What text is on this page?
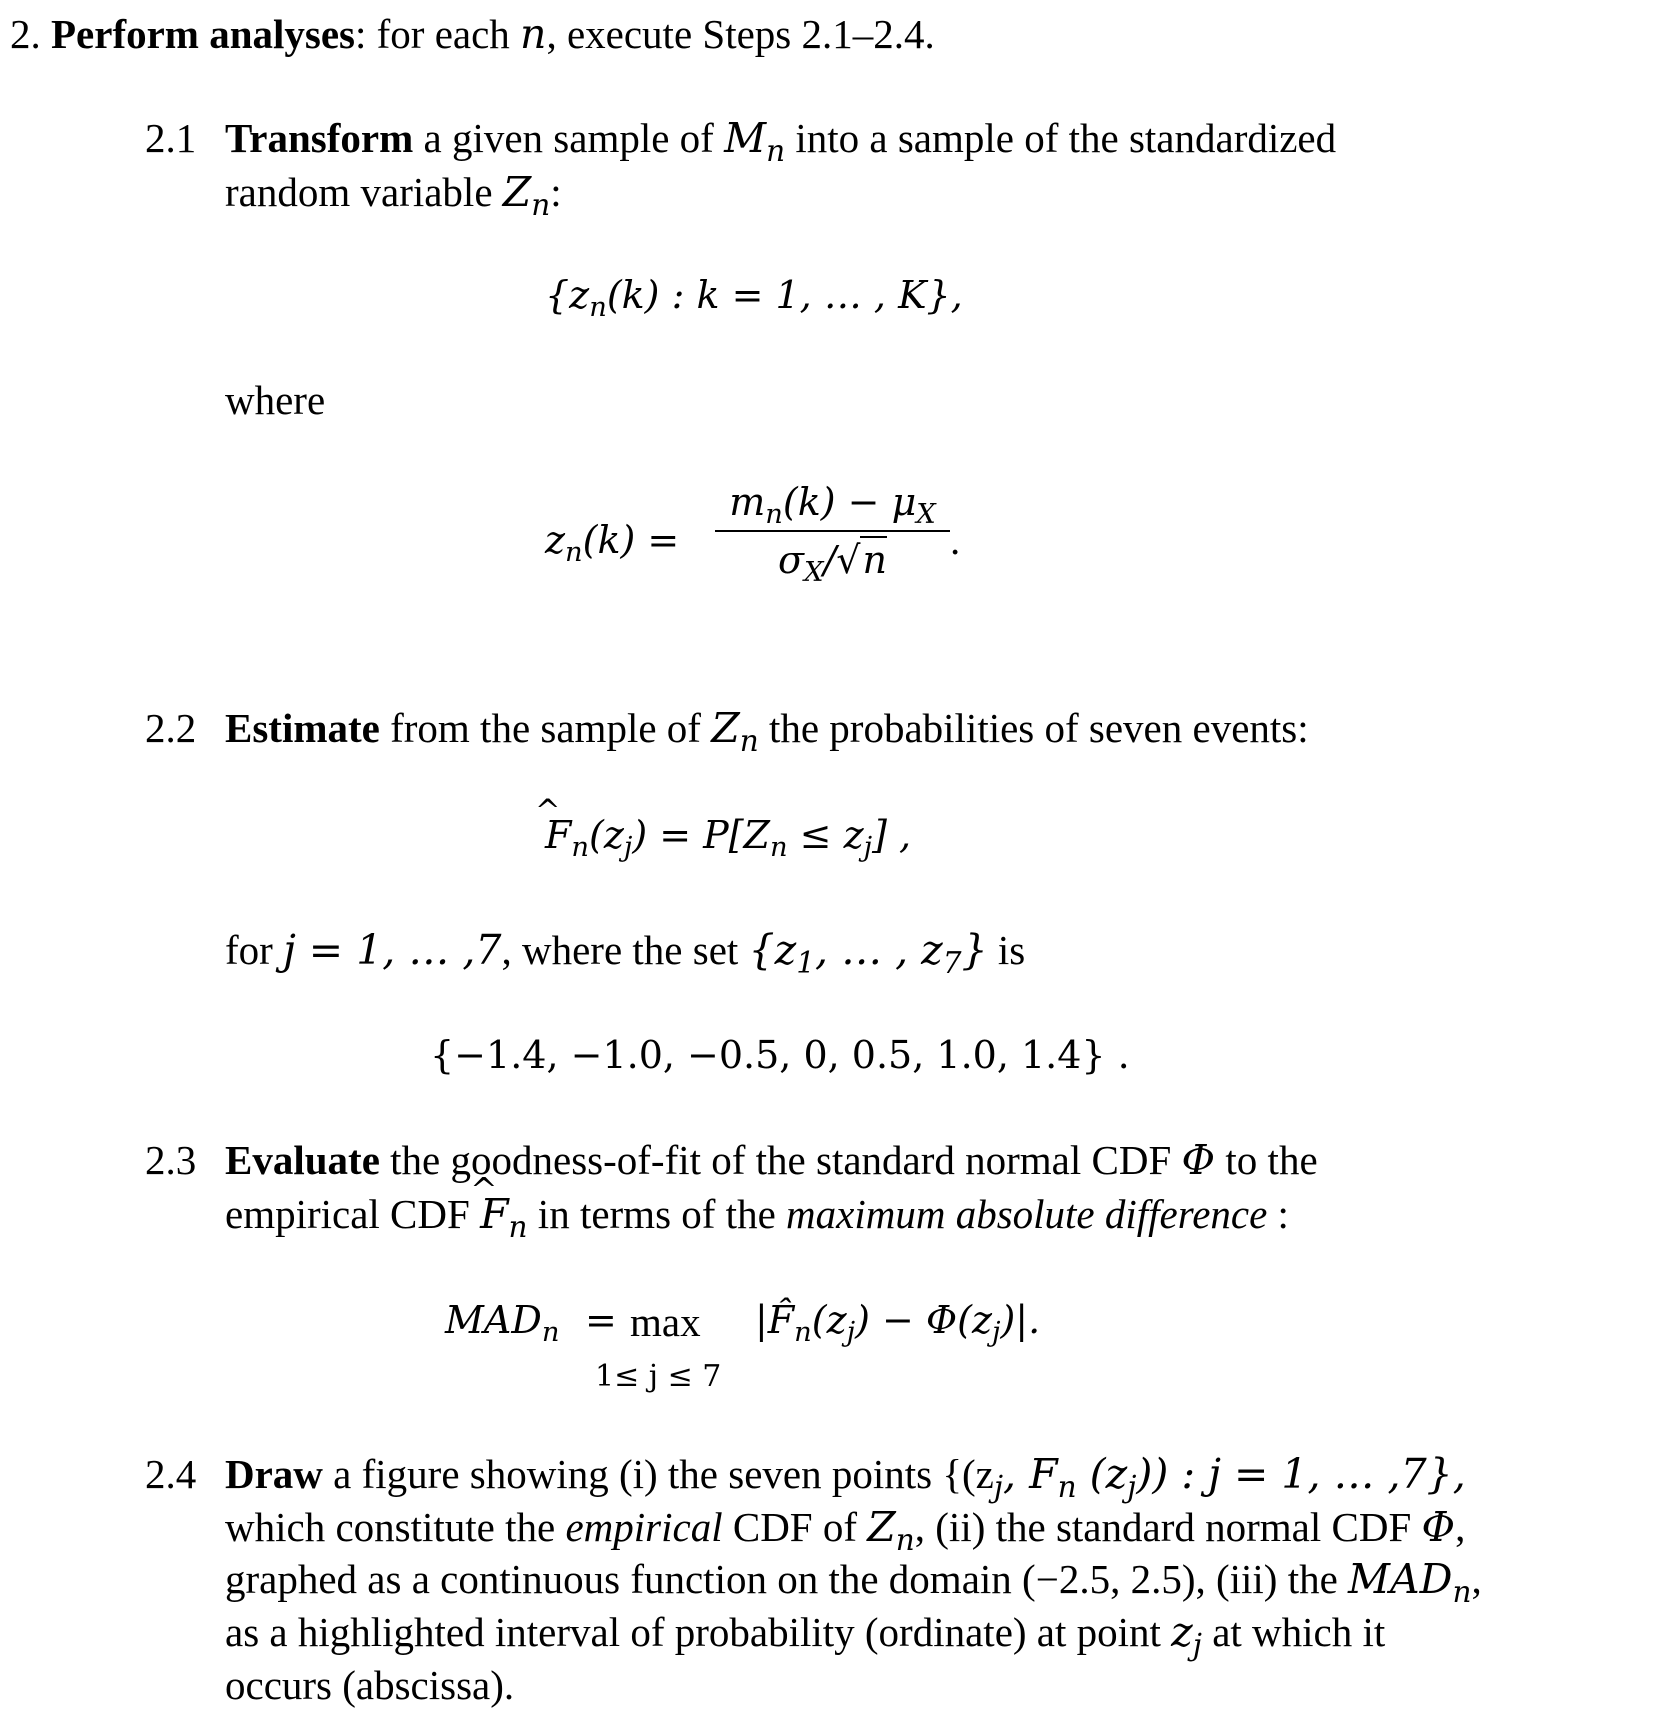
2. Perform analyses: for each n, execute Steps 2.1–2.4.
2.1 Transform a given sample of $M_n$ into a sample of the standardized
random variable $Z_n$:
{$z_n(k)$ : k = 1, … , K},
where
$z_n(k)$ =
$m_n(k) - \mu_X$
$\sigma_X/√n$	.
2.2 Estimate from the sample of $Z_n$ the probabilities of seven events:
^ $F_n(z_j) = P[Z_n \le z_j]$ ,
for j = 1, … ,7, where the set {$z_1$, … , $z_7$} is
{−1.4, −1.0, −0.5, 0, 0.5, 1.0, 1.4} .
2.3 Evaluate the goodness-of-fit of the standard normal CDF Φ to the
empirical CDF ^ $F_n$ in terms of the maximum absolute difference :
$MAD_n = \max$
1≤ j ≤ 7
$|F̂_n(z_j) - \Phi(z_j)|$.
2.4 Draw a figure showing (i) the seven points {($z_j$, $F_n$ $(z_j)$) : j = 1, … ,7},
which constitute the empirical CDF of $Z_n$, (ii) the standard normal CDF Φ,
graphed as a continuous function on the domain (−2.5, 2.5), (iii) the $MAD_n$,
as a highlighted interval of probability (ordinate) at point $z_j$ at which it
occurs (abscissa).
